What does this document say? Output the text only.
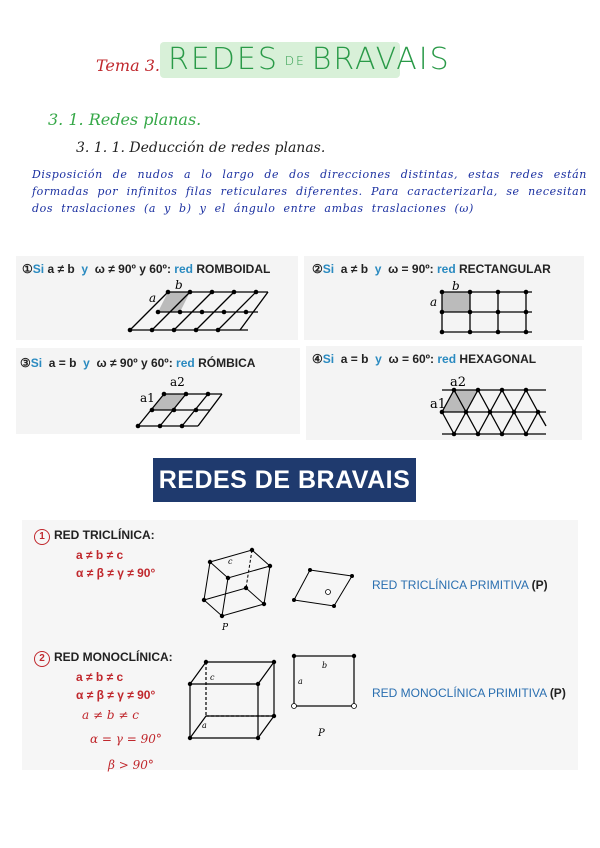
Tema 3. REDES DE BRAVAIS
3. 1. Redes planas.
3. 1. 1. Deducción de redes planas.
Disposición de nudos a lo largo de dos direcciones distintas, estas redes están formadas por infinitos filas reticulares diferentes. Para caracterizarla, se necesitan dos traslaciones (a y b) y el ángulo entre ambas traslaciones (ω)
①Si a ≠ b y ω ≠ 90º y 60º: red ROMBOIDAL
a
b
②Si a ≠ b y ω = 90º: red RECTANGULAR
a
b
③Si a = b y ω ≠ 90º y 60º: red RÓMBICA
a1
a2
④Si a = b y ω = 60º: red HEXAGONAL
a1
a2
REDES DE BRAVAIS
1 RED TRICLÍNICA:
a ≠ b ≠ c
α ≠ β ≠ γ ≠ 90°
c
P
RED TRICLÍNICA PRIMITIVA (P)
2 RED MONOCLÍNICA:
a ≠ b ≠ c
α ≠ β ≠ γ ≠ 90°
c
a
b
a
P
RED MONOCLÍNICA PRIMITIVA (P)
a ≠ b ≠ c
α = γ = 90°
β > 90°
